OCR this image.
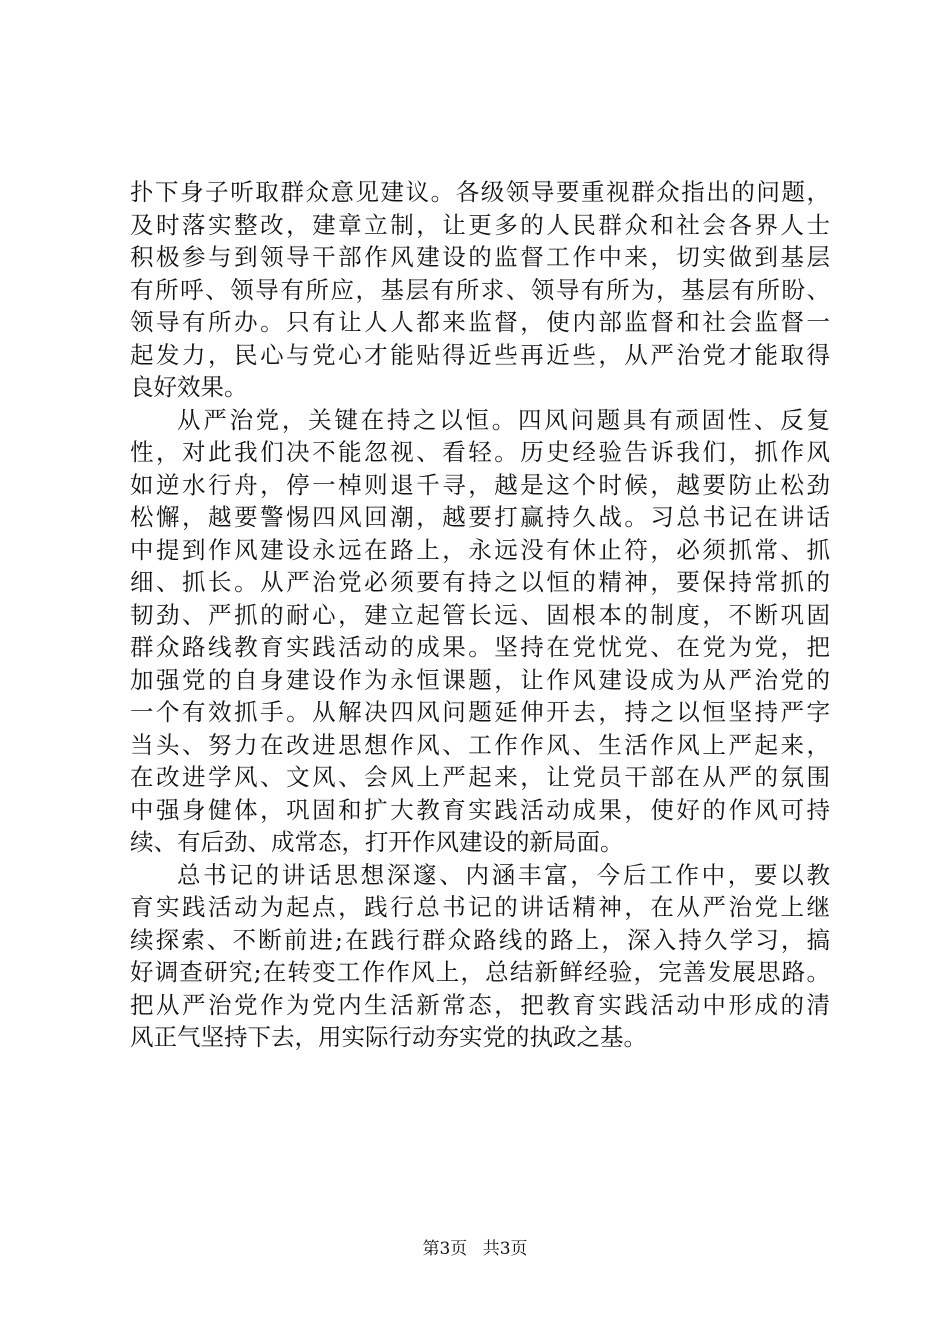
扑下身子听取群众意见建议。各级领导要重视群众指出的问题，
及时落实整改，建章立制，让更多的人民群众和社会各界人士
积极参与到领导干部作风建设的监督工作中来，切实做到基层
有所呼、领导有所应，基层有所求、领导有所为，基层有所盼、
领导有所办。只有让人人都来监督，使内部监督和社会监督一
起发力，民心与党心才能贴得近些再近些，从严治党才能取得
良好效果。
从严治党，关键在持之以恒。四风问题具有顽固性、反复
性，对此我们决不能忽视、看轻。历史经验告诉我们，抓作风
如逆水行舟，停一棹则退千寻，越是这个时候，越要防止松劲
松懈，越要警惕四风回潮，越要打赢持久战。习总书记在讲话
中提到作风建设永远在路上，永远没有休止符，必须抓常、抓
细、抓长。从严治党必须要有持之以恒的精神，要保持常抓的
韧劲、严抓的耐心，建立起管长远、固根本的制度，不断巩固
群众路线教育实践活动的成果。坚持在党忧党、在党为党，把
加强党的自身建设作为永恒课题，让作风建设成为从严治党的
一个有效抓手。从解决四风问题延伸开去，持之以恒坚持严字
当头、努力在改进思想作风、工作作风、生活作风上严起来，
在改进学风、文风、会风上严起来，让党员干部在从严的氛围
中强身健体，巩固和扩大教育实践活动成果，使好的作风可持
续、有后劲、成常态，打开作风建设的新局面。
总书记的讲话思想深邃、内涵丰富，今后工作中，要以教
育实践活动为起点，践行总书记的讲话精神，在从严治党上继
续探索、不断前进;在践行群众路线的路上，深入持久学习，搞
好调查研究;在转变工作作风上，总结新鲜经验，完善发展思路。
把从严治党作为党内生活新常态，把教育实践活动中形成的清
风正气坚持下去，用实际行动夯实党的执政之基。
第3页 共3页
